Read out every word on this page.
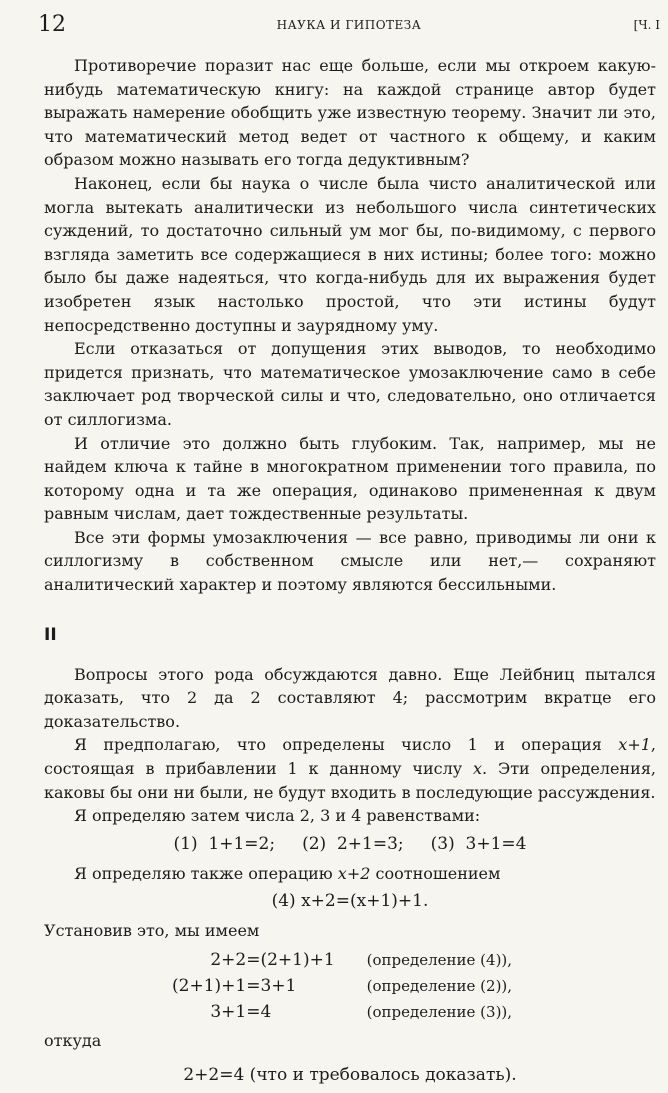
12	НАУКА И ГИПОТЕЗА	[Ч. I

Противоречие поразит нас еще больше, если мы откроем какую-нибудь математическую книгу: на каждой странице автор будет выражать намерение обобщить уже известную теорему. Значит ли это, что математический метод ведет от частного к общему, и каким образом можно называть его тогда дедуктивным?

Наконец, если бы наука о числе была чисто аналитической или могла вытекать аналитически из небольшого числа синтетических суждений, то достаточно сильный ум мог бы, по-видимому, с первого взгляда заметить все содержащиеся в них истины; более того: можно было бы даже надеяться, что когда-нибудь для их выражения будет изобретен язык настолько простой, что эти истины будут непосредственно доступны и заурядному уму.

Если отказаться от допущения этих выводов, то необходимо придется признать, что математическое умозаключение само в себе заключает род творческой силы и что, следовательно, оно отличается от силлогизма.

И отличие это должно быть глубоким. Так, например, мы не найдем ключа к тайне в многократном применении того правила, по которому одна и та же операция, одинаково примененная к двум равным числам, дает тождественные результаты.

Все эти формы умозаключения — все равно, приводимы ли они к силлогизму в собственном смысле или нет,— сохраняют аналитический характер и поэтому являются бессильными.

II

Вопросы этого рода обсуждаются давно. Еще Лейбниц пытался доказать, что 2 да 2 составляют 4; рассмотрим вкратце его доказательство.

Я предполагаю, что определены число 1 и операция x+1, состоящая в прибавлении 1 к данному числу x. Эти определения, каковы бы они ни были, не будут входить в последующие рассуждения.

Я определяю затем числа 2, 3 и 4 равенствами:

(1)  1+1=2;     (2)  2+1=3;     (3)  3+1=4

Я определяю также операцию x+2 соотношением

(4) x+2=(x+1)+1.

Установив это, мы имеем

2+2	=(2+1)+1	(определение (4)),
(2+1)+1	=3+1	(определение (2)),
3+1	=4	(определение (3)),

откуда

2+2=4 (что и требовалось доказать).
